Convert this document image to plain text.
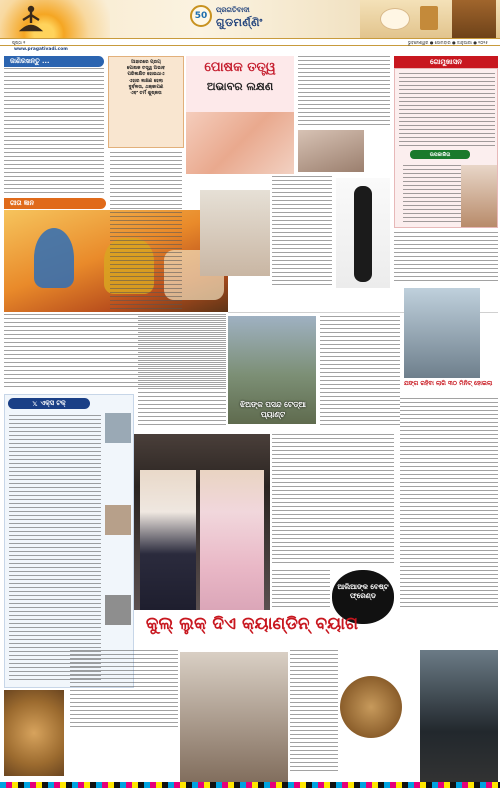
50
ପ୍ରଗତିବାଦୀ
ଗୁଡମର୍ଣ୍ଣିଂ
ପୃଷ୍ଠା ୧	ଭୁବନେଶ୍ୱର ● ସୋମବାର ● ଜାନୁଆରୀ ● ୨୦୨୫
www.pragativadi.com
ଜାଣିରଖନ୍ତୁ ...
ଗୀତା ଜ୍ଞାନ
𝕏 ଏକ୍ସ ଟକ୍
ଆହାରରେ ପ୍ରୟ
ପୋଷକ ତତ୍ତ୍ୱ ଅଭାବ
ପରିଲକ୍ଷିତ ହୋଇଥାଏ
ଏହାର ଲକ୍ଷଣ ହେଲା
ଦୁର୍ବଳତା, ଥକ୍କାପଣ
ଏବଂ ଚର୍ମ ଶୁଷ୍କତା
ପୋଷକ ତତ୍ତ୍ୱ
ଅଭାବର ଲକ୍ଷଣ
ଗୋମୁଖାସନ
ଉପକାରିତା
ଝିଅଙ୍କ ପସନ୍ଦ ଟେଡ୍ଆ ପ୍ୟାଣ୍ଟ
ଯଙ୍ଗ ରହିବା ଲାଗି ୩୦ ମିନିଟ୍ ହୋଇଲା
ଆଲିଆଙ୍କ ବେଷ୍ଟ ଫ୍ରେଣ୍ଡ
କୁଲ୍ ଲୁକ୍ ଦିଏ କ୍ୟାଣ୍ଡିନ୍ ବ୍ୟାଗ
